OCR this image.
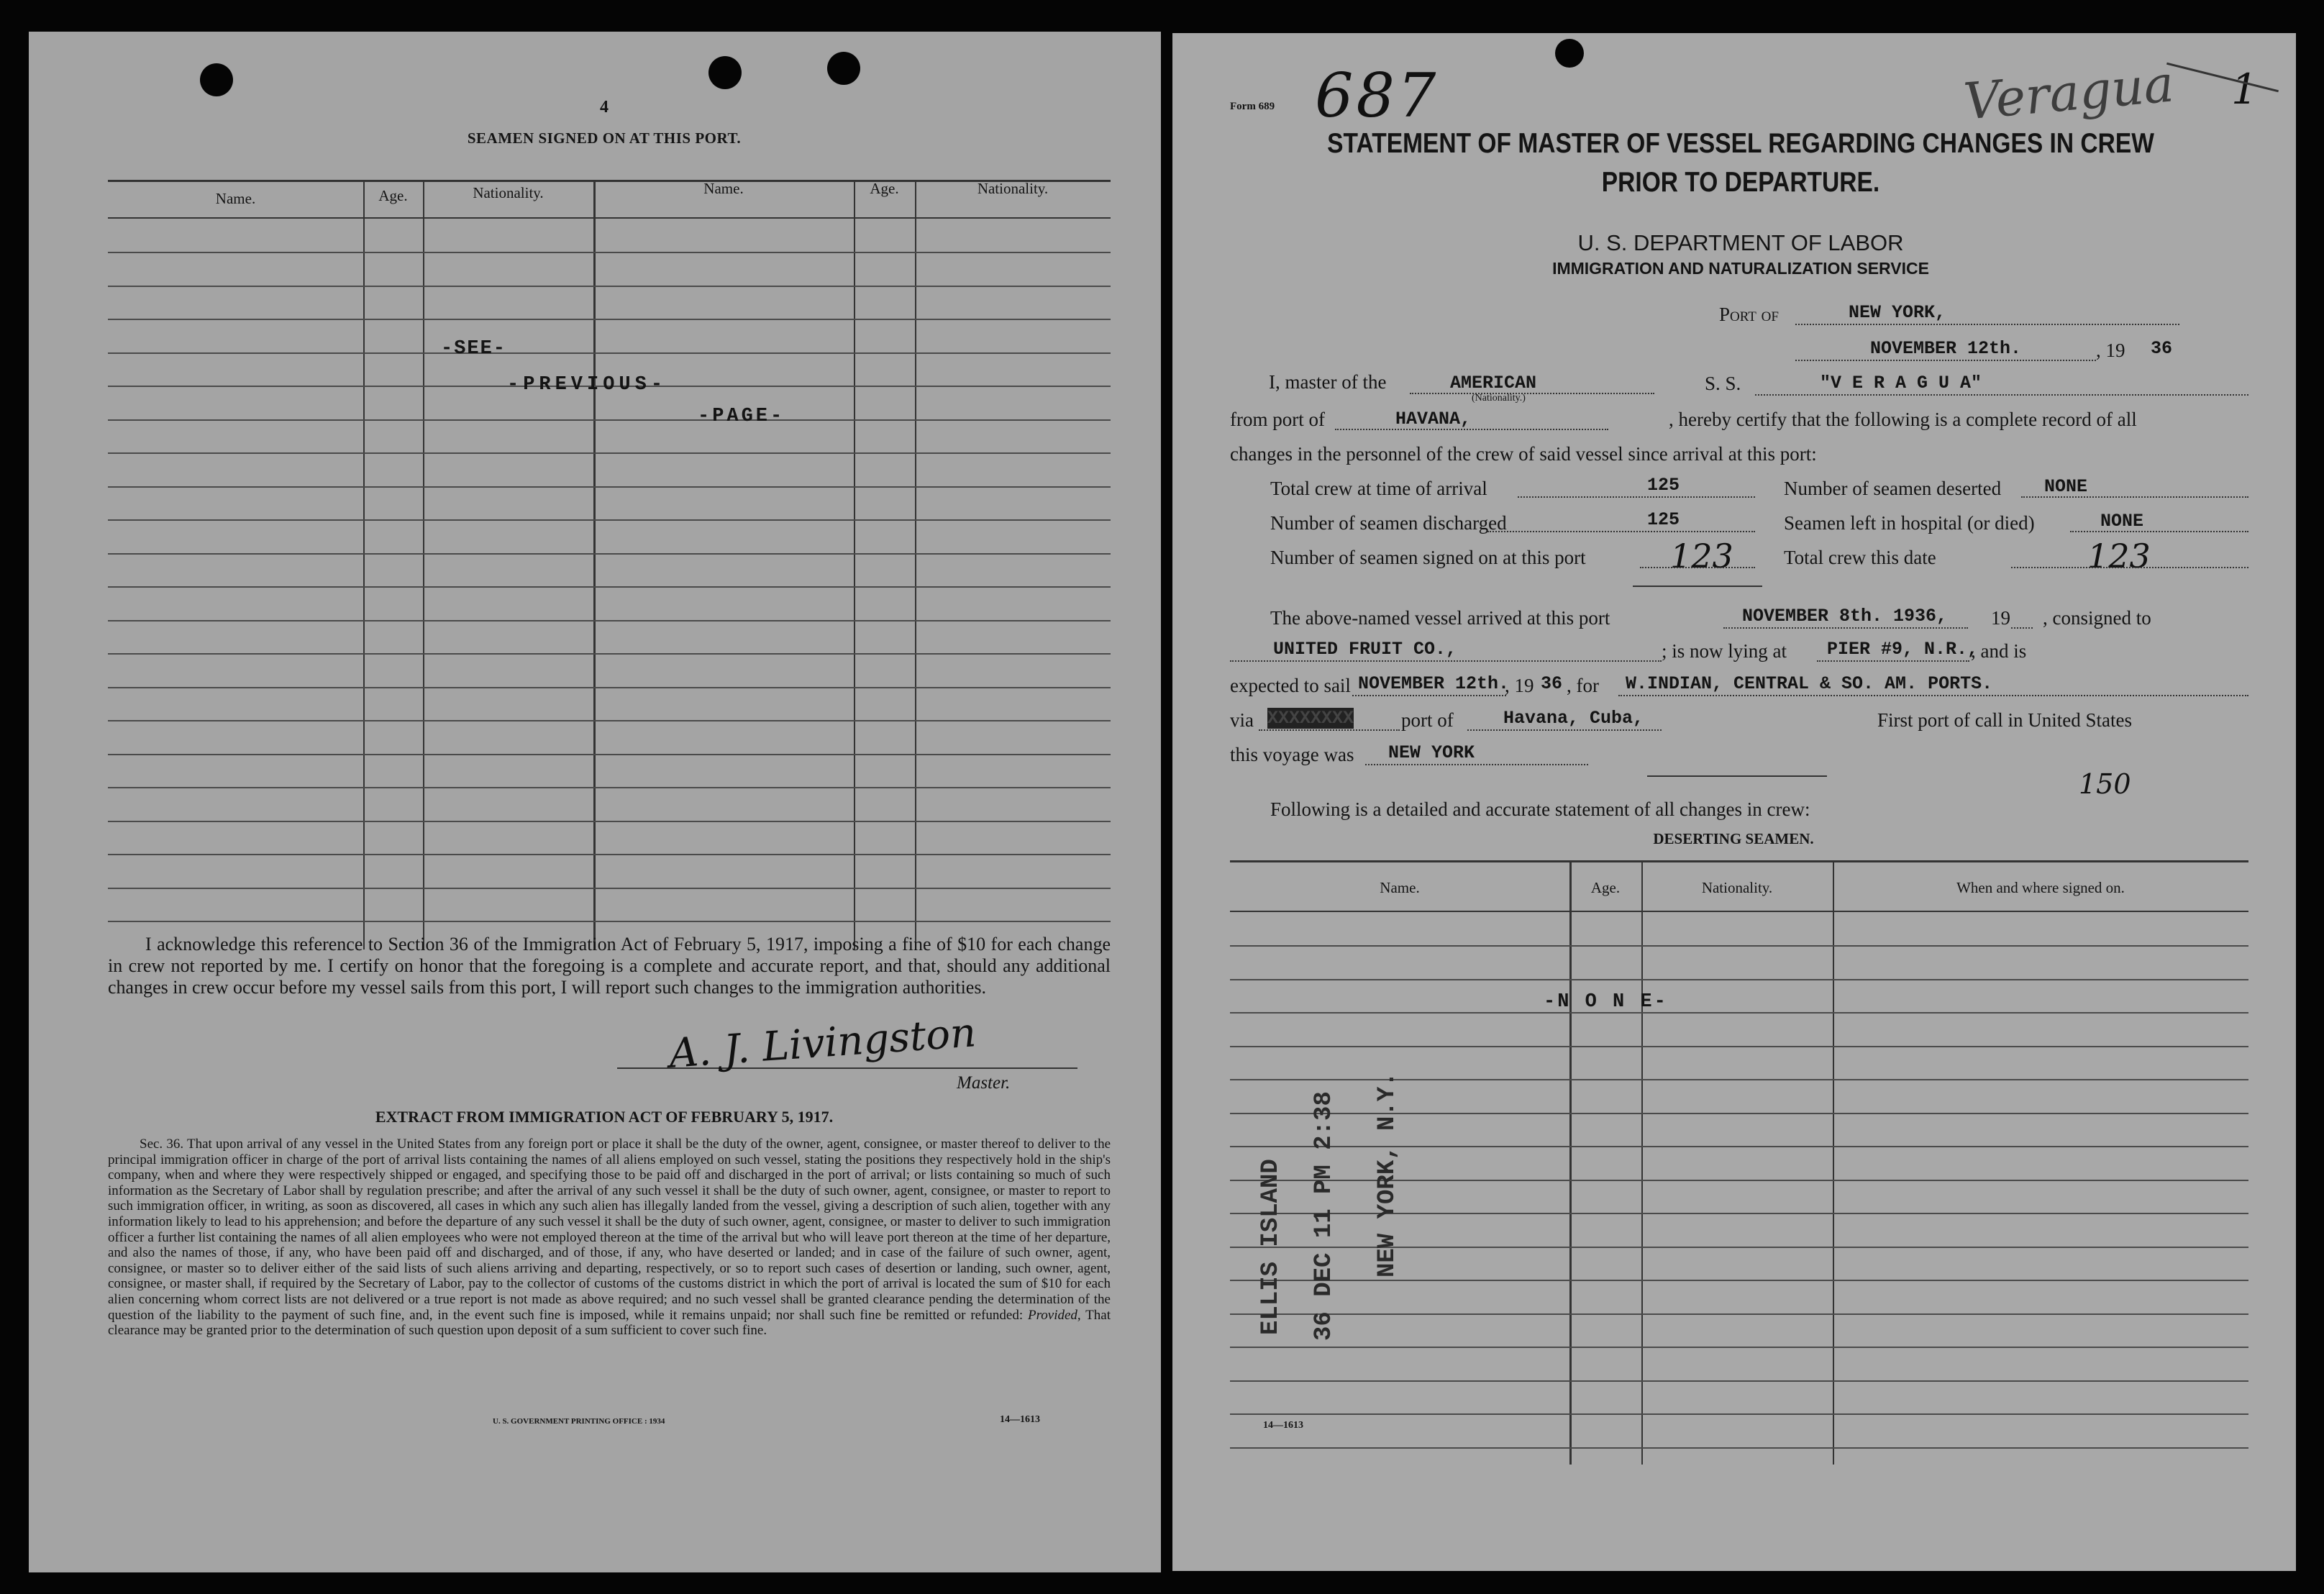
4
SEAMEN SIGNED ON AT THIS PORT.
Name.	Age.	Nationality.	Name.	Age.	Nationality.
-SEE-
-PREVIOUS-
-PAGE-
I acknowledge this reference to Section 36 of the Immigration Act of February 5, 1917, imposing a fine of $10 for each change in crew not reported by me. I certify on honor that the foregoing is a complete and accurate report, and that, should any additional changes in crew occur before my vessel sails from this port, I will report such changes to the immigration authorities.
A. J. Livingston
Master.
EXTRACT FROM IMMIGRATION ACT OF FEBRUARY 5, 1917.
Sec. 36. That upon arrival of any vessel in the United States from any foreign port or place it shall be the duty of the owner, agent, consignee, or master thereof to deliver to the principal immigration officer in charge of the port of arrival lists containing the names of all aliens employed on such vessel, stating the positions they respectively hold in the ship's company, when and where they were respectively shipped or engaged, and specifying those to be paid off and discharged in the port of arrival; or lists containing so much of such information as the Secretary of Labor shall by regulation prescribe; and after the arrival of any such vessel it shall be the duty of such owner, agent, consignee, or master to report to such immigration officer, in writing, as soon as discovered, all cases in which any such alien has illegally landed from the vessel, giving a description of such alien, together with any information likely to lead to his apprehension; and before the departure of any such vessel it shall be the duty of such owner, agent, consignee, or master to deliver to such immigration officer a further list containing the names of all alien employees who were not employed thereon at the time of the arrival but who will leave port thereon at the time of her departure, and also the names of those, if any, who have been paid off and discharged, and of those, if any, who have deserted or landed; and in case of the failure of such owner, agent, consignee, or master so to deliver either of the said lists of such aliens arriving and departing, respectively, or so to report such cases of desertion or landing, such owner, agent, consignee, or master shall, if required by the Secretary of Labor, pay to the collector of customs of the customs district in which the port of arrival is located the sum of $10 for each alien concerning whom correct lists are not delivered or a true report is not made as above required; and no such vessel shall be granted clearance pending the determination of the question of the liability to the payment of such fine, and, in the event such fine is imposed, while it remains unpaid; nor shall such fine be remitted or refunded: Provided, That clearance may be granted prior to the determination of such question upon deposit of a sum sufficient to cover such fine.
U. S. GOVERNMENT PRINTING OFFICE : 1934	14—1613
Form 689 687	Veragua 1
STATEMENT OF MASTER OF VESSEL REGARDING CHANGES IN CREW
PRIOR TO DEPARTURE.
U. S. DEPARTMENT OF LABOR
IMMIGRATION AND NATURALIZATION SERVICE
Port of	NEW YORK,
NOVEMBER 12th.	, 19 36
I, master of the	AMERICAN
(Nationality.)
S. S.	"V E R A G U A"
from port of	HAVANA,	, hereby certify that the following is a complete record of all
changes in the personnel of the crew of said vessel since arrival at this port:
Total crew at time of arrival	125	Number of seamen deserted NONE
Number of seamen discharged	125	Seamen left in hospital (or died)	NONE
Number of seamen signed on at this port	123	Total crew this date	123
The above-named vessel arrived at this port	NOVEMBER 8th. 1936, 19 , consigned to
UNITED FRUIT CO.,	; is now lying at PIER #9, N.R.,
, and is
expected to sail NOVEMBER 12th.
, 19 36 , for W.INDIAN, CENTRAL & SO. AM. PORTS.
via XXXXXXXX port of	Havana, Cuba,	First port of call in United States
this voyage was NEW YORK
150
Following is a detailed and accurate statement of all changes in crew:
DESERTING SEAMEN.
Name.	Age.	Nationality.	When and where signed on.
-N O N E-
ELLIS ISLAND 36 DEC 11 PM 2:38 NEW YORK, N.Y.
14—1613
